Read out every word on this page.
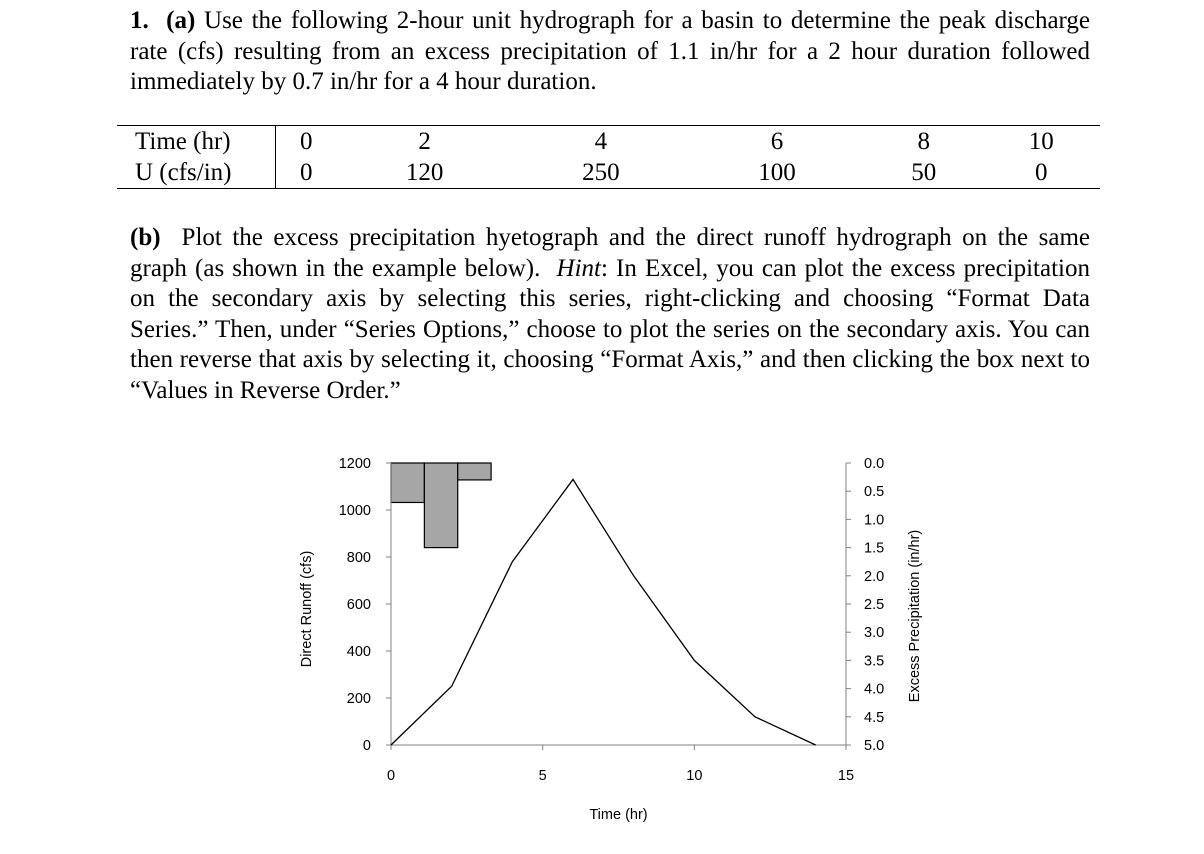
1. (a) Use the following 2-hour unit hydrograph for a basin to determine the peak discharge rate (cfs) resulting from an excess precipitation of 1.1 in/hr for a 2 hour duration followed immediately by 0.7 in/hr for a 4 hour duration.
Time (hr)	0	2	4	6	8	10
U (cfs/in)	0	120	250	100	50	0
(b) Plot the excess precipitation hyetograph and the direct runoff hydrograph on the same graph (as shown in the example below). Hint: In Excel, you can plot the excess precipitation on the secondary axis by selecting this series, right-clicking and choosing “Format Data Series.” Then, under “Series Options,” choose to plot the series on the secondary axis. You can then reverse that axis by selecting it, choosing “Format Axis,” and then clicking the box next to “Values in Reverse Order.”
0
200
400
600
800
1000
1200	0.0
0.5
1.0
1.5
2.0
2.5
3.0
3.5
4.0
4.5
5.0
0	5	10	15
Time (hr)
Direct Runoff (cfs)	Excess Precipitation (in/hr)
